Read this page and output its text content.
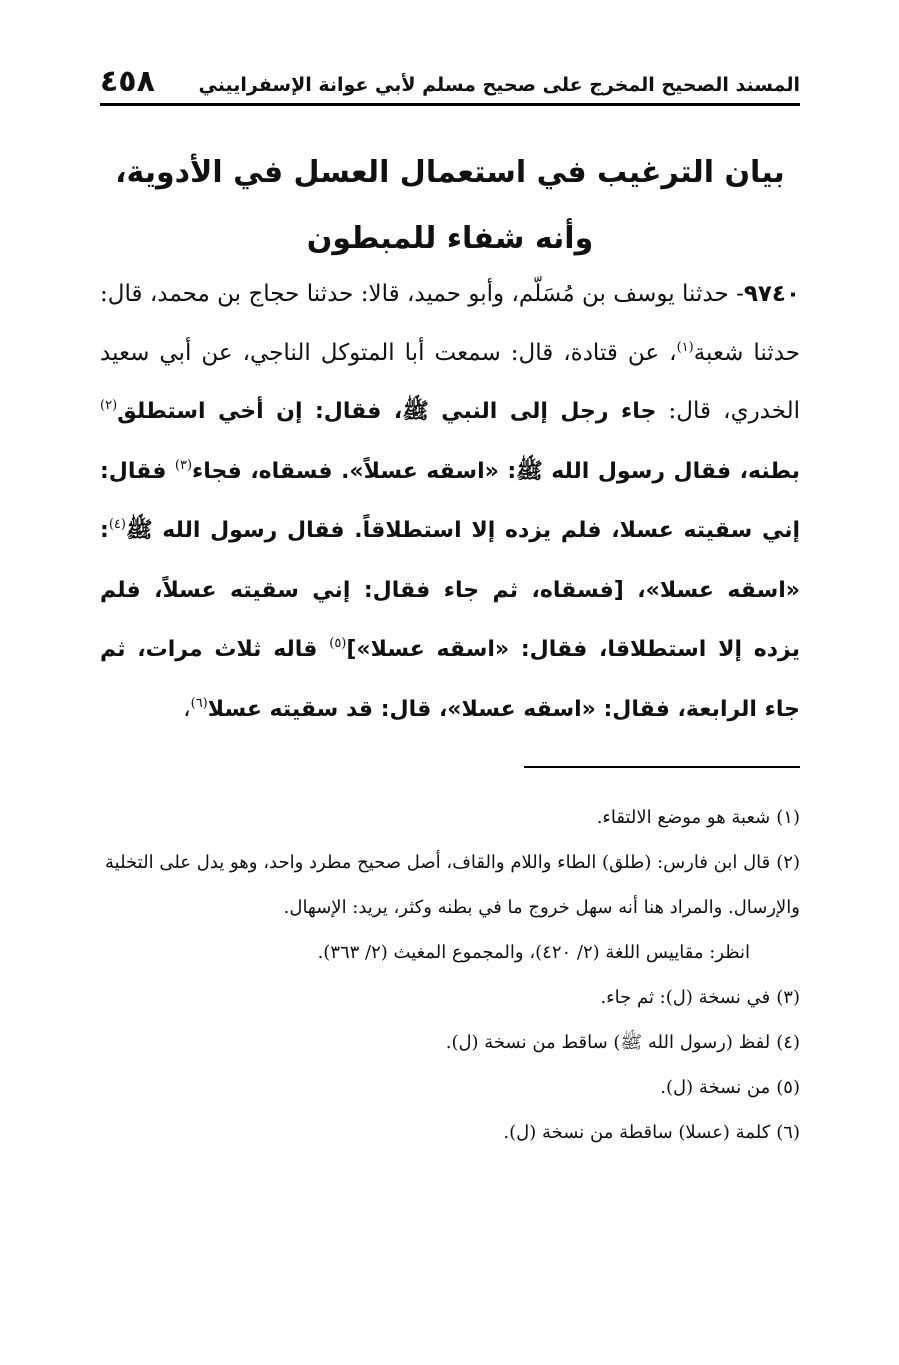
المسند الصحيح المخرج على صحيح مسلم لأبي عوانة الإسفراييني
٤٥٨
بيان الترغيب في استعمال العسل في الأدوية، وأنه شفاء للمبطون
٩٧٤٠- حدثنا يوسف بن مُسَلّم، وأبو حميد، قالا: حدثنا حجاج بن محمد، قال: حدثنا شعبة$^{(١)}$، عن قتادة، قال: سمعت أبا المتوكل الناجي، عن أبي سعيد الخدري، قال: جاء رجل إلى النبي ﷺ، فقال: إن أخي استطلق$^{(٢)}$ بطنه، فقال رسول الله ﷺ: «اسقه عسلاً». فسقاه، فجاء$^{(٣)}$ فقال: إني سقيته عسلا، فلم يزده إلا استطلاقاً. فقال رسول الله ﷺ$^{(٤)}$: «اسقه عسلا»، [فسقاه، ثم جاء فقال: إني سقيته عسلاً، فلم يزده إلا استطلاقا، فقال: «اسقه عسلا»]$^{(٥)}$ قاله ثلاث مرات، ثم جاء الرابعة، فقال: «اسقه عسلا»، قال: قد سقيته عسلا$^{(٦)}$،

(١)شعبة هو موضع الالتقاء.

(٢)قال ابن فارس: (طلق) الطاء واللام والقاف، أصل صحيح مطرد واحد، وهو يدل على التخلية والإرسال. والمراد هنا أنه سهل خروج ما في بطنه وكثر، يريد: الإسهال.

انظر: مقاييس اللغة (٢/ ٤٢٠)، والمجموع المغيث (٢/ ٣٦٣).

(٣)في نسخة (ل): ثم جاء.

(٤)لفظ (رسول الله ﷺ) ساقط من نسخة (ل).

(٥)من نسخة (ل).

(٦)كلمة (عسلا) ساقطة من نسخة (ل).
